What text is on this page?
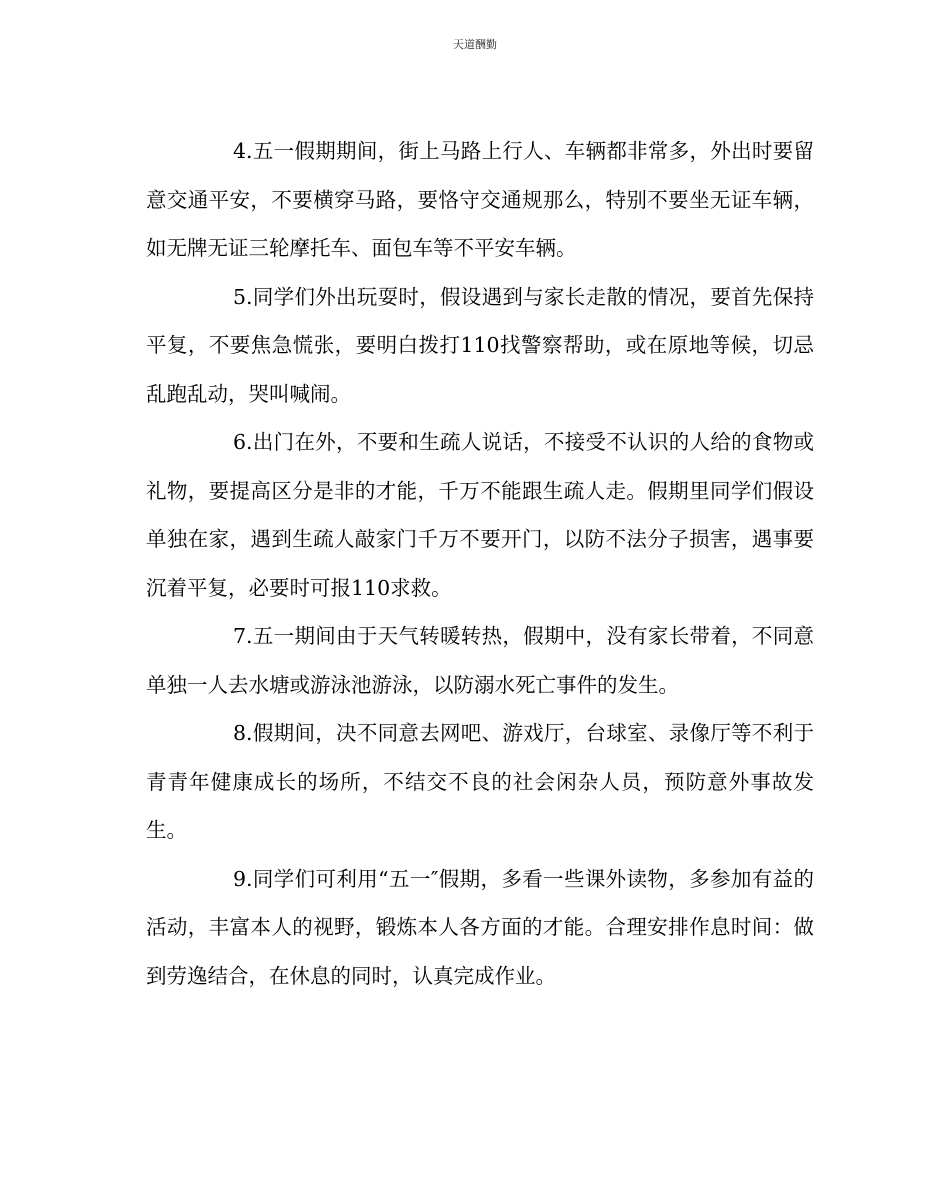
天道酬勤

4.五一假期期间，街上马路上行人、车辆都非常多，外出时要留意交通平安，不要横穿马路，要恪守交通规那么，特别不要坐无证车辆，如无牌无证三轮摩托车、面包车等不平安车辆。

5.同学们外出玩耍时，假设遇到与家长走散的情况，要首先保持平复，不要焦急慌张，要明白拨打110找警察帮助，或在原地等候，切忌乱跑乱动，哭叫喊闹。

6.出门在外，不要和生疏人说话，不接受不认识的人给的食物或礼物，要提高区分是非的才能，千万不能跟生疏人走。假期里同学们假设单独在家，遇到生疏人敲家门千万不要开门，以防不法分子损害，遇事要沉着平复，必要时可报110求救。

7.五一期间由于天气转暖转热，假期中，没有家长带着，不同意单独一人去水塘或游泳池游泳，以防溺水死亡事件的发生。

8.假期间，决不同意去网吧、游戏厅，台球室、录像厅等不利于青青年健康成长的场所，不结交不良的社会闲杂人员，预防意外事故发生。

9.同学们可利用“五一″假期，多看一些课外读物，多参加有益的活动，丰富本人的视野，锻炼本人各方面的才能。合理安排作息时间：做到劳逸结合，在休息的同时，认真完成作业。
